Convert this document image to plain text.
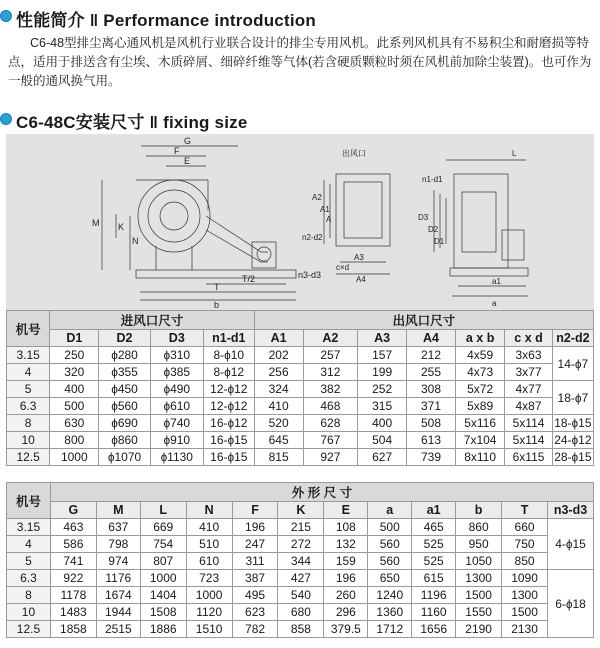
性能简介 ‖ Performance introduction
C6-48型排尘离心通风机是风机行业联合设计的排尘专用风机。此系列风机具有不易积尘和耐磨损等特点，适用于排送含有尘埃、木质碎屑、细碎纤维等气体(若含硬质颗粒时须在风机前加除尘装置)。也可作为一般的通风换气用。
C6-48C安装尺寸 ‖ fixing size
G
F
E
M K
N
T/2
T
b
n3-d3
出风口
A2
A1
A
n2-d2
A3
c×d
A4
L
n1-d1
D3
D2
D1
a1
a
机号	进风口尺寸				出风口尺寸						
	D1	D2	D3	n1-d1	A1	A2	A3	A4	a x b	c x d	n2-d2
3.15	250	ɸ280	ɸ310	8-ɸ10	202	257	157	212	4x59	3x63	14-ɸ7
4	320	ɸ355	ɸ385	8-ɸ12	256	312	199	255	4x73	3x77	
5	400	ɸ450	ɸ490	12-ɸ12	324	382	252	308	5x72	4x77	18-ɸ7
6.3	500	ɸ560	ɸ610	12-ɸ12	410	468	315	371	5x89	4x87	
8	630	ɸ690	ɸ740	16-ɸ12	520	628	400	508	5x116	5x114	18-ɸ15
10	800	ɸ860	ɸ910	16-ɸ15	645	767	504	613	7x104	5x114	24-ɸ12
12.5	1000	ɸ1070	ɸ1130	16-ɸ15	815	927	627	739	8x110	6x115	28-ɸ15
机号	外 形 尺 寸											
	G	M	L	N	F	K	E	a	a1	b	T	n3-d3
3.15	463	637	669	410	196	215	108	500	465	860	660	4-ɸ15
4	586	798	754	510	247	272	132	560	525	950	750	
5	741	974	807	610	311	344	159	560	525	1050	850	
6.3	922	1176	1000	723	387	427	196	650	615	1300	1090	6-ɸ18
8	1178	1674	1404	1000	495	540	260	1240	1196	1500	1300	
10	1483	1944	1508	1120	623	680	296	1360	1160	1550	1500	
12.5	1858	2515	1886	1510	782	858	379.5	1712	1656	2190	2130	
